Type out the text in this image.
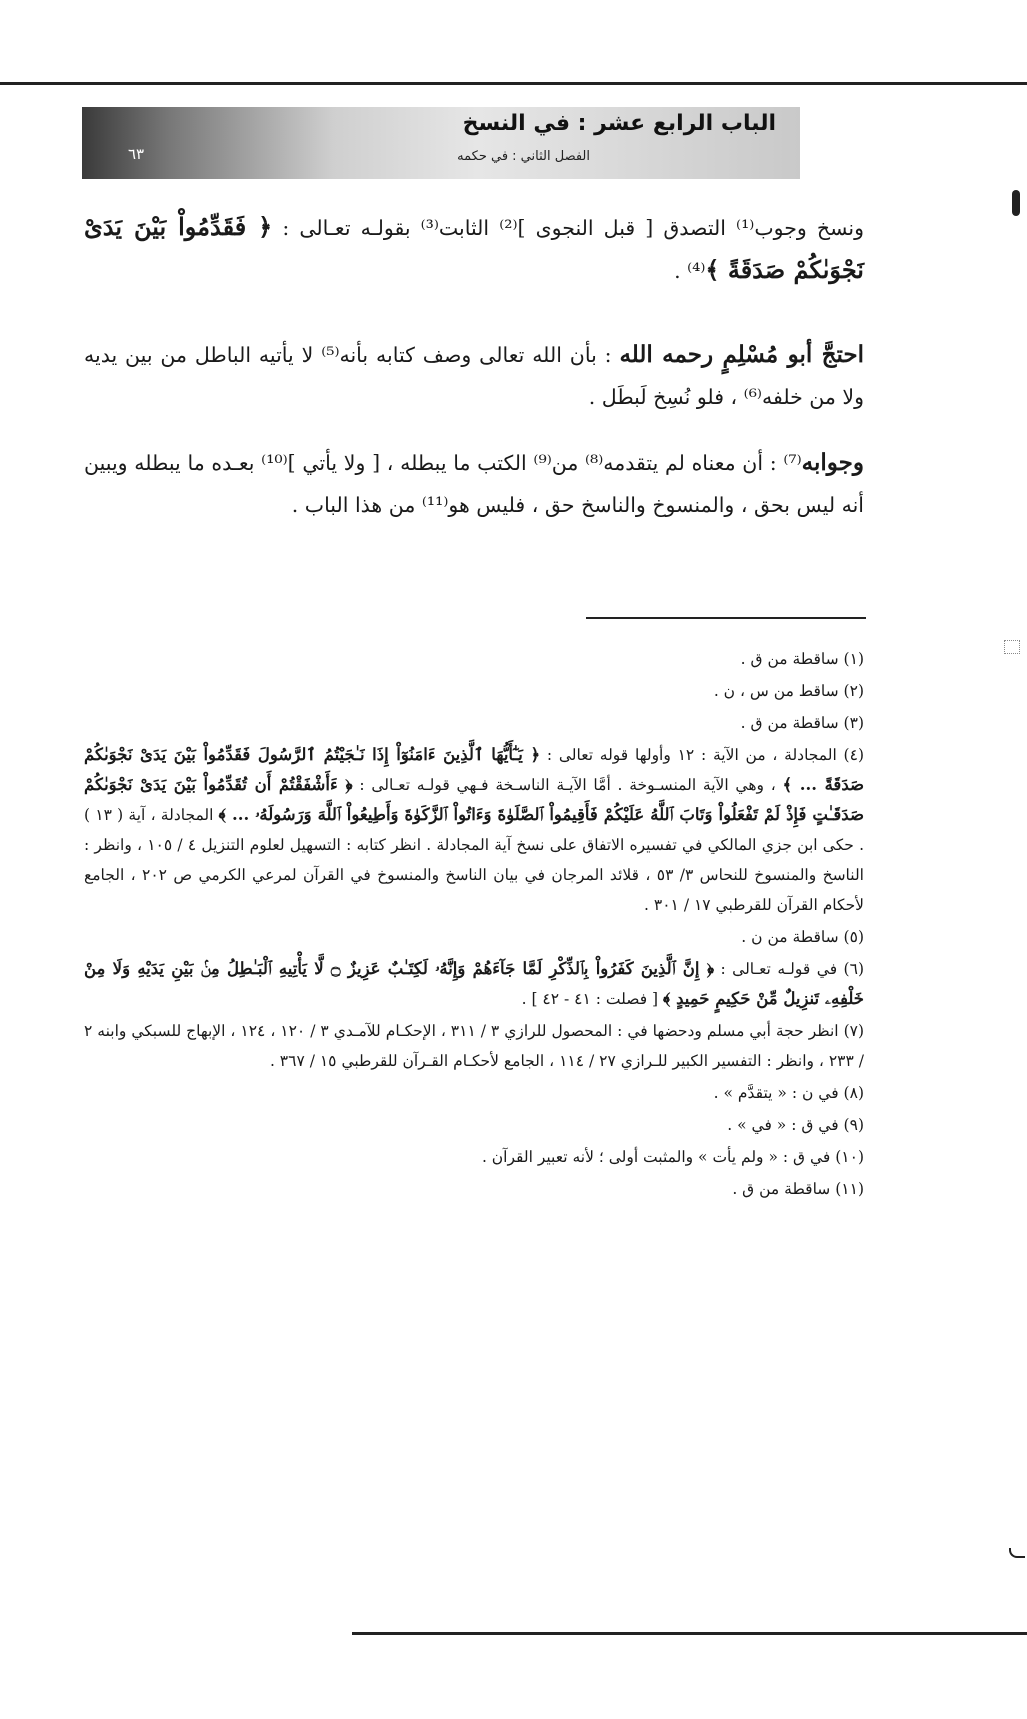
الباب الرابع عشر : في النسخ
الفصل الثاني : في حكمه
٦٣

ونسخ وجوب⁽¹⁾ التصدق [ قبل النجوى ]⁽²⁾ الثابت⁽³⁾ بقولـه تعـالى : ﴿ فَقَدِّمُواْ بَيْنَ يَدَىْ نَجْوَىٰكُمْ صَدَقَةً ﴾⁽⁴⁾ .

احتجَّ أبو مُسْلِمٍ رحمه الله : بأن الله تعالى وصف كتابه بأنه⁽⁵⁾ لا يأتيه الباطل من بين يديه ولا من خلفه⁽⁶⁾ ، فلو نُسِخ لَبطَل .

وجوابه⁽⁷⁾ : أن معناه لم يتقدمه⁽⁸⁾ من⁽⁹⁾ الكتب ما يبطله ، [ ولا يأتي ]⁽¹⁰⁾ بعـده ما يبطله ويبين أنه ليس بحق ، والمنسوخ والناسخ حق ، فليس هو⁽¹¹⁾ من هذا الباب .

(١) ساقطة من ق .

(٢) ساقط من س ، ن .

(٣) ساقطة من ق .

(٤) المجادلة ، من الآية : ١٢ وأولها قوله تعالى : ﴿ يَـٰٓأَيُّهَا ٱلَّذِينَ ءَامَنُوٓاْ إِذَا نَـٰجَيْتُمُ ٱلرَّسُولَ فَقَدِّمُواْ بَيْنَ يَدَىْ نَجْوَىٰكُمْ صَدَقَةً ... ﴾ ، وهي الآية المنسـوخة . أمَّا الآيـة الناسـخة فـهي قولـه تعـالى : ﴿ ءَأَشْفَقْتُمْ أَن تُقَدِّمُواْ بَيْنَ يَدَىْ نَجْوَىٰكُمْ صَدَقَـٰتٍ فَإِذْ لَمْ تَفْعَلُواْ وَتَابَ ٱللَّهُ عَلَيْكُمْ فَأَقِيمُواْ ٱلصَّلَوٰةَ وَءَاتُواْ ٱلزَّكَوٰةَ وَأَطِيعُواْ ٱللَّهَ وَرَسُولَهُۥ ... ﴾ المجادلة ، آية ( ١٣ ) . حكى ابن جزي المالكي في تفسيره الاتفاق على نسخ آية المجادلة . انظر كتابه : التسهيل لعلوم التنزيل ٤ / ١٠٥ ، وانظر : الناسخ والمنسوخ للنحاس ٣/ ٥٣ ، قلائد المرجان في بيان الناسخ والمنسوخ في القرآن لمرعي الكرمي ص ٢٠٢ ، الجامع لأحكام القرآن للقرطبي ١٧ / ٣٠١ .

(٥) ساقطة من ن .

(٦) في قولـه تعـالى : ﴿ إِنَّ ٱلَّذِينَ كَفَرُواْ بِٱلذِّكْرِ لَمَّا جَآءَهُمْ وَإِنَّهُۥ لَكِتَـٰبٌ عَزِيزٌ ۝ لَّا يَأْتِيهِ ٱلْبَـٰطِلُ مِنۢ بَيْنِ يَدَيْهِ وَلَا مِنْ خَلْفِهِۦ تَنزِيلٌ مِّنْ حَكِيمٍ حَمِيدٍ ﴾ [ فصلت : ٤١ - ٤٢ ] .

(٧) انظر حجة أبي مسلم ودحضها في : المحصول للرازي ٣ / ٣١١ ، الإحكـام للآمـدي ٣ / ١٢٠ ، ١٢٤ ، الإبهاج للسبكي وابنه ٢ / ٢٣٣ ، وانظر : التفسير الكبير للـرازي ٢٧ / ١١٤ ، الجامع لأحكـام القـرآن للقرطبي ١٥ / ٣٦٧ .

(٨) في ن : « يتقدَّم » .

(٩) في ق : « في » .

(١٠) في ق : « ولم يأت » والمثبت أولى ؛ لأنه تعبير القرآن .

(١١) ساقطة من ق .
